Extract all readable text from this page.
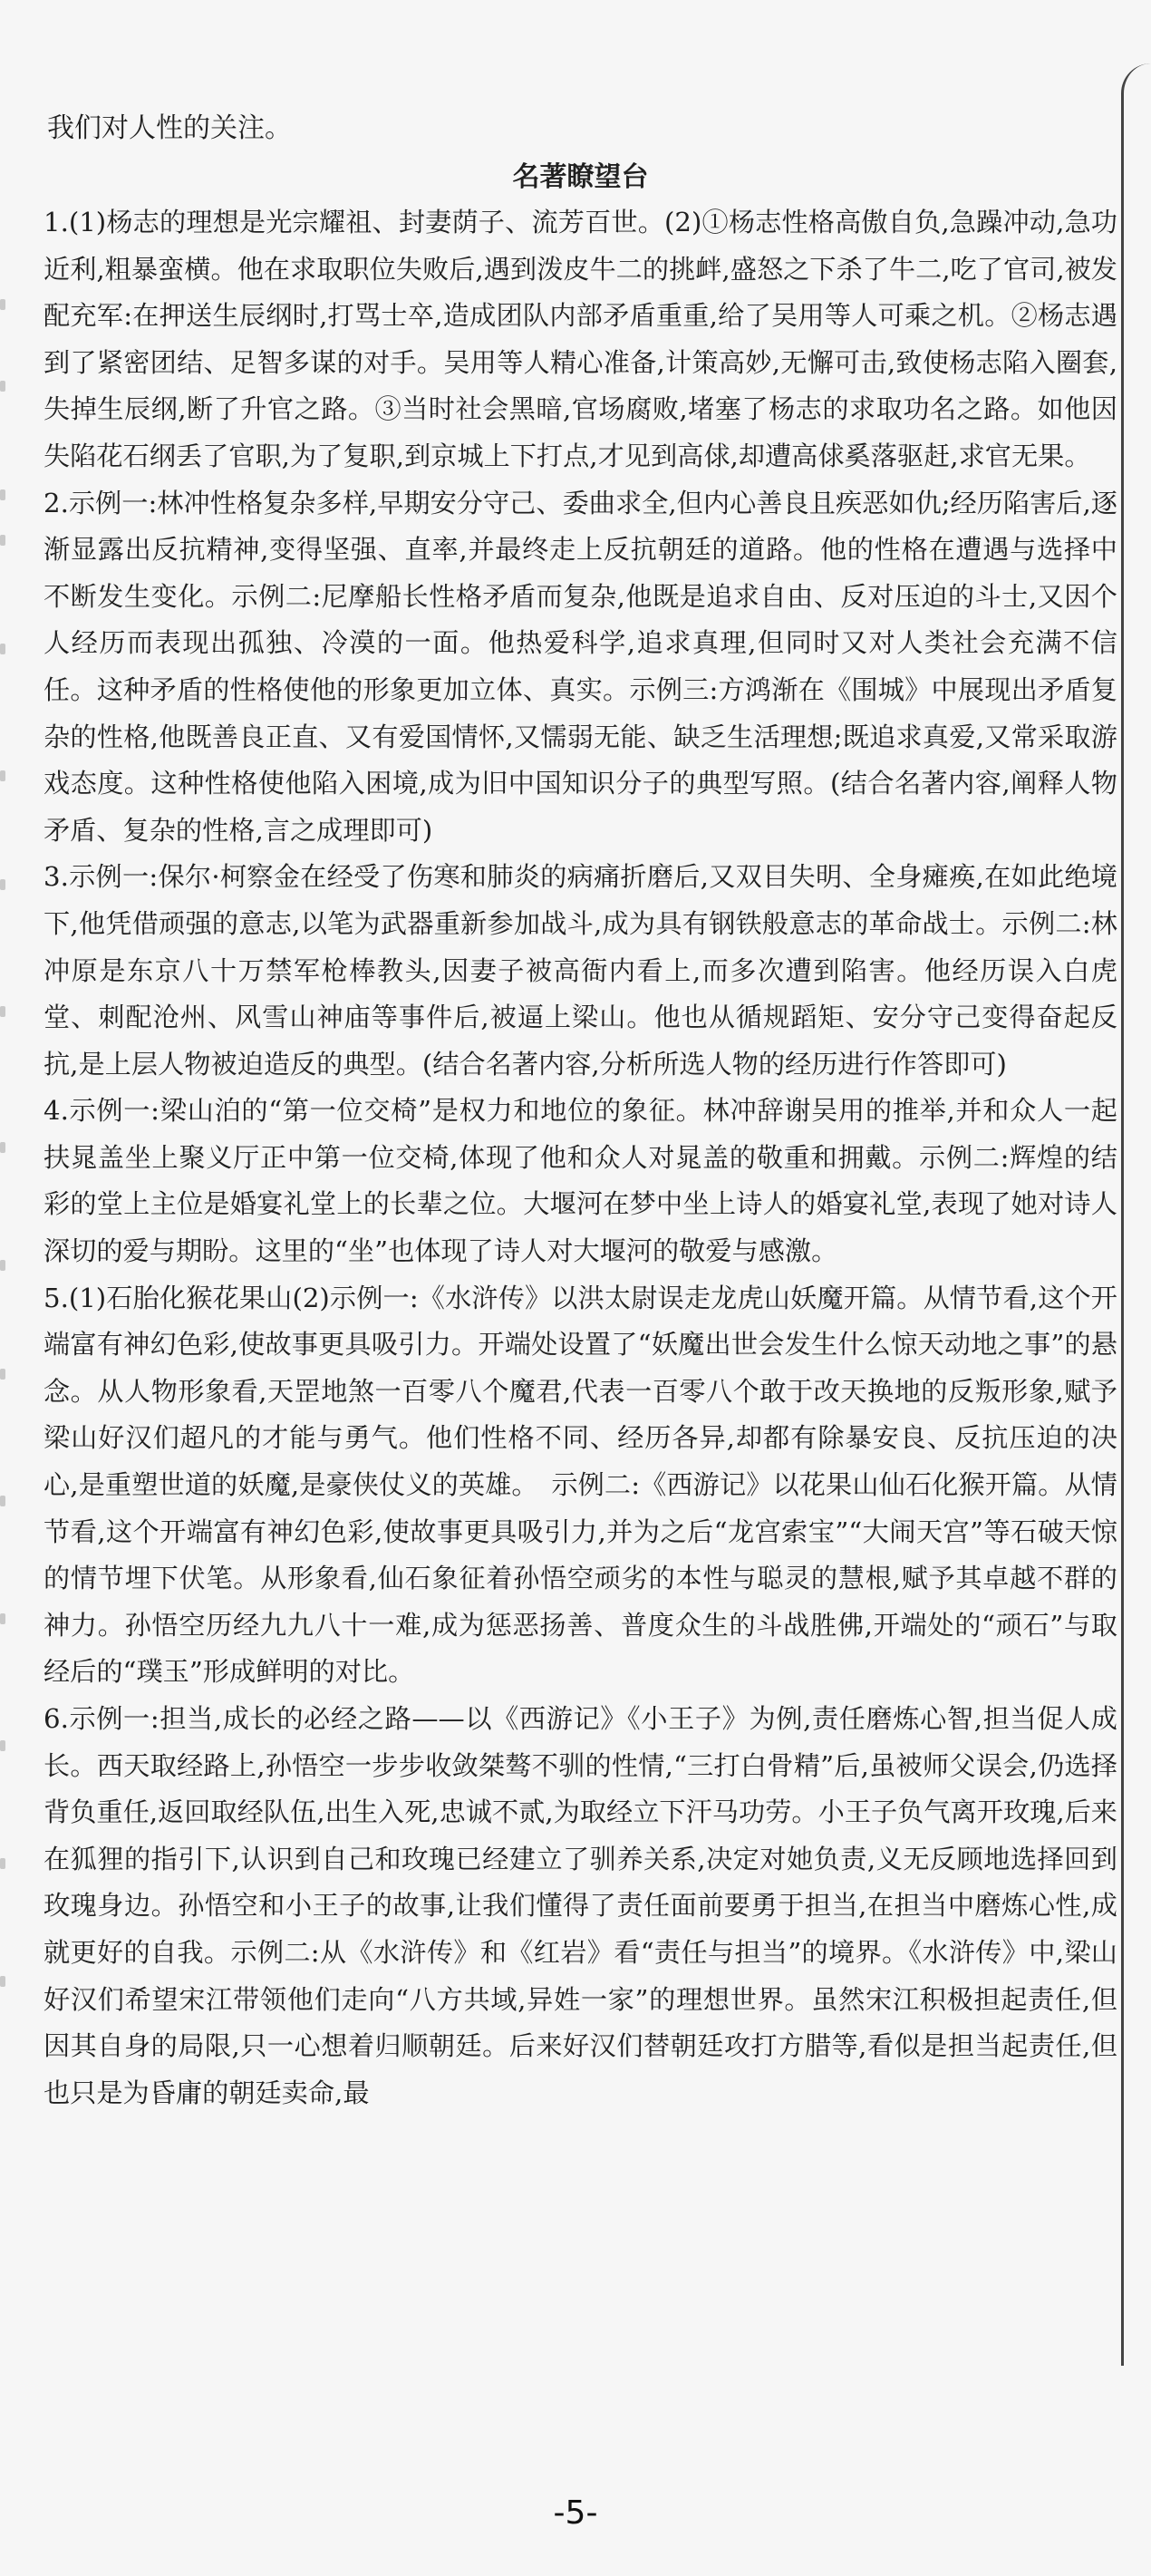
我们对人性的关注。

名著瞭望台

1.(1)杨志的理想是光宗耀祖、封妻荫子、流芳百世。(2)①杨志性格高傲自负,急躁冲动,急功近利,粗暴蛮横。他在求取职位失败后,遇到泼皮牛二的挑衅,盛怒之下杀了牛二,吃了官司,被发配充军:在押送生辰纲时,打骂士卒,造成团队内部矛盾重重,给了吴用等人可乘之机。②杨志遇到了紧密团结、足智多谋的对手。吴用等人精心准备,计策高妙,无懈可击,致使杨志陷入圈套,失掉生辰纲,断了升官之路。③当时社会黑暗,官场腐败,堵塞了杨志的求取功名之路。如他因失陷花石纲丢了官职,为了复职,到京城上下打点,才见到高俅,却遭高俅奚落驱赶,求官无果。

2.示例一:林冲性格复杂多样,早期安分守己、委曲求全,但内心善良且疾恶如仇;经历陷害后,逐渐显露出反抗精神,变得坚强、直率,并最终走上反抗朝廷的道路。他的性格在遭遇与选择中不断发生变化。示例二:尼摩船长性格矛盾而复杂,他既是追求自由、反对压迫的斗士,又因个人经历而表现出孤独、冷漠的一面。他热爱科学,追求真理,但同时又对人类社会充满不信任。这种矛盾的性格使他的形象更加立体、真实。示例三:方鸿渐在《围城》中展现出矛盾复杂的性格,他既善良正直、又有爱国情怀,又懦弱无能、缺乏生活理想;既追求真爱,又常采取游戏态度。这种性格使他陷入困境,成为旧中国知识分子的典型写照。(结合名著内容,阐释人物矛盾、复杂的性格,言之成理即可)

3.示例一:保尔·柯察金在经受了伤寒和肺炎的病痛折磨后,又双目失明、全身瘫痪,在如此绝境下,他凭借顽强的意志,以笔为武器重新参加战斗,成为具有钢铁般意志的革命战士。示例二:林冲原是东京八十万禁军枪棒教头,因妻子被高衙内看上,而多次遭到陷害。他经历误入白虎堂、刺配沧州、风雪山神庙等事件后,被逼上梁山。他也从循规蹈矩、安分守己变得奋起反抗,是上层人物被迫造反的典型。(结合名著内容,分析所选人物的经历进行作答即可)

4.示例一:梁山泊的“第一位交椅”是权力和地位的象征。林冲辞谢吴用的推举,并和众人一起扶晁盖坐上聚义厅正中第一位交椅,体现了他和众人对晁盖的敬重和拥戴。示例二:辉煌的结彩的堂上主位是婚宴礼堂上的长辈之位。大堰河在梦中坐上诗人的婚宴礼堂,表现了她对诗人深切的爱与期盼。这里的“坐”也体现了诗人对大堰河的敬爱与感激。

5.(1)石胎化猴花果山(2)示例一:《水浒传》以洪太尉误走龙虎山妖魔开篇。从情节看,这个开端富有神幻色彩,使故事更具吸引力。开端处设置了“妖魔出世会发生什么惊天动地之事”的悬念。从人物形象看,天罡地煞一百零八个魔君,代表一百零八个敢于改天换地的反叛形象,赋予梁山好汉们超凡的才能与勇气。他们性格不同、经历各异,却都有除暴安良、反抗压迫的决心,是重塑世道的妖魔,是豪侠仗义的英雄。　示例二:《西游记》以花果山仙石化猴开篇。从情节看,这个开端富有神幻色彩,使故事更具吸引力,并为之后“龙宫索宝”“大闹天宫”等石破天惊的情节埋下伏笔。从形象看,仙石象征着孙悟空顽劣的本性与聪灵的慧根,赋予其卓越不群的神力。孙悟空历经九九八十一难,成为惩恶扬善、普度众生的斗战胜佛,开端处的“顽石”与取经后的“璞玉”形成鲜明的对比。

6.示例一:担当,成长的必经之路——以《西游记》《小王子》为例,责任磨炼心智,担当促人成长。西天取经路上,孙悟空一步步收敛桀骜不驯的性情,“三打白骨精”后,虽被师父误会,仍选择背负重任,返回取经队伍,出生入死,忠诚不贰,为取经立下汗马功劳。小王子负气离开玫瑰,后来在狐狸的指引下,认识到自己和玫瑰已经建立了驯养关系,决定对她负责,义无反顾地选择回到玫瑰身边。孙悟空和小王子的故事,让我们懂得了责任面前要勇于担当,在担当中磨炼心性,成就更好的自我。示例二:从《水浒传》和《红岩》看“责任与担当”的境界。《水浒传》中,梁山好汉们希望宋江带领他们走向“八方共域,异姓一家”的理想世界。虽然宋江积极担起责任,但因其自身的局限,只一心想着归顺朝廷。后来好汉们替朝廷攻打方腊等,看似是担当起责任,但也只是为昏庸的朝廷卖命,最

-5-
